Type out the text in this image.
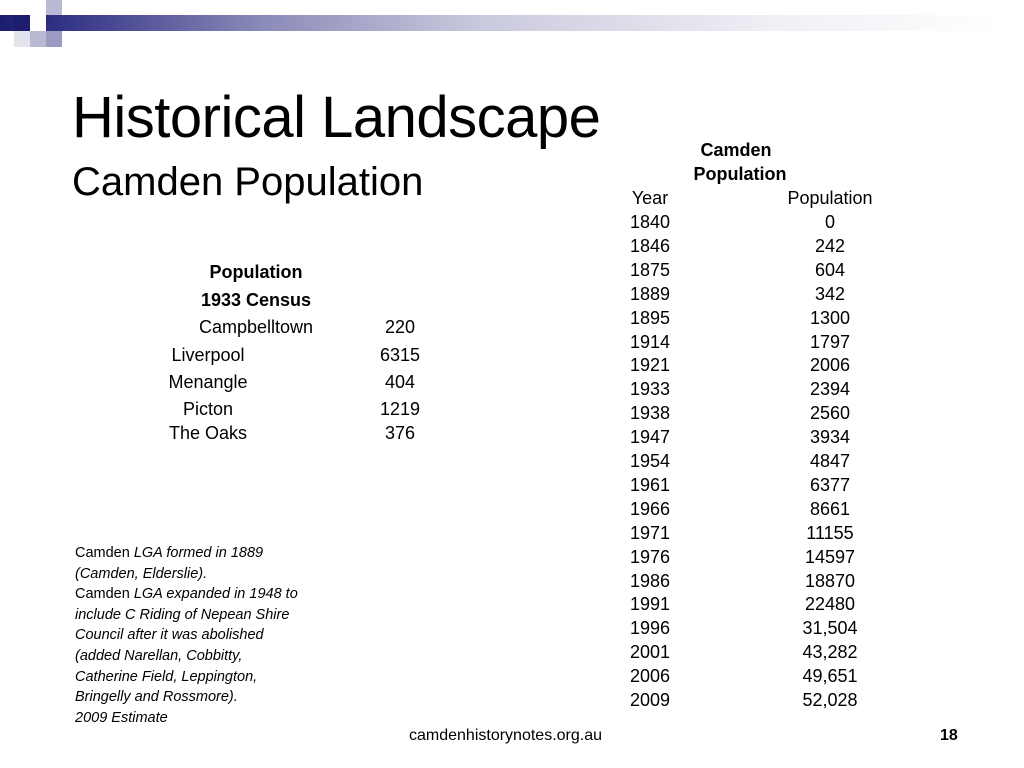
Historical Landscape
Camden Population
Population
1933 Census
Campbelltown	220
Liverpool	6315
Menangle	404
Picton	1219
The Oaks	376
Camden
Population
Year	Population
1840	0
1846	242
1875	604
1889	342
1895	1300
1914	1797
1921	2006
1933	2394
1938	2560
1947	3934
1954	4847
1961	6377
1966	8661
1971	11155
1976	14597
1986	18870
1991	22480
1996	31,504
2001	43,282
2006	49,651
2009	52,028
Camden LGA formed in 1889
(Camden, Elderslie).
Camden LGA expanded in 1948 to
include C Riding of Nepean Shire
Council after it was abolished
(added Narellan, Cobbitty,
Catherine Field, Leppington,
Bringelly and Rossmore).
2009 Estimate
camdenhistorynotes.org.au	18
